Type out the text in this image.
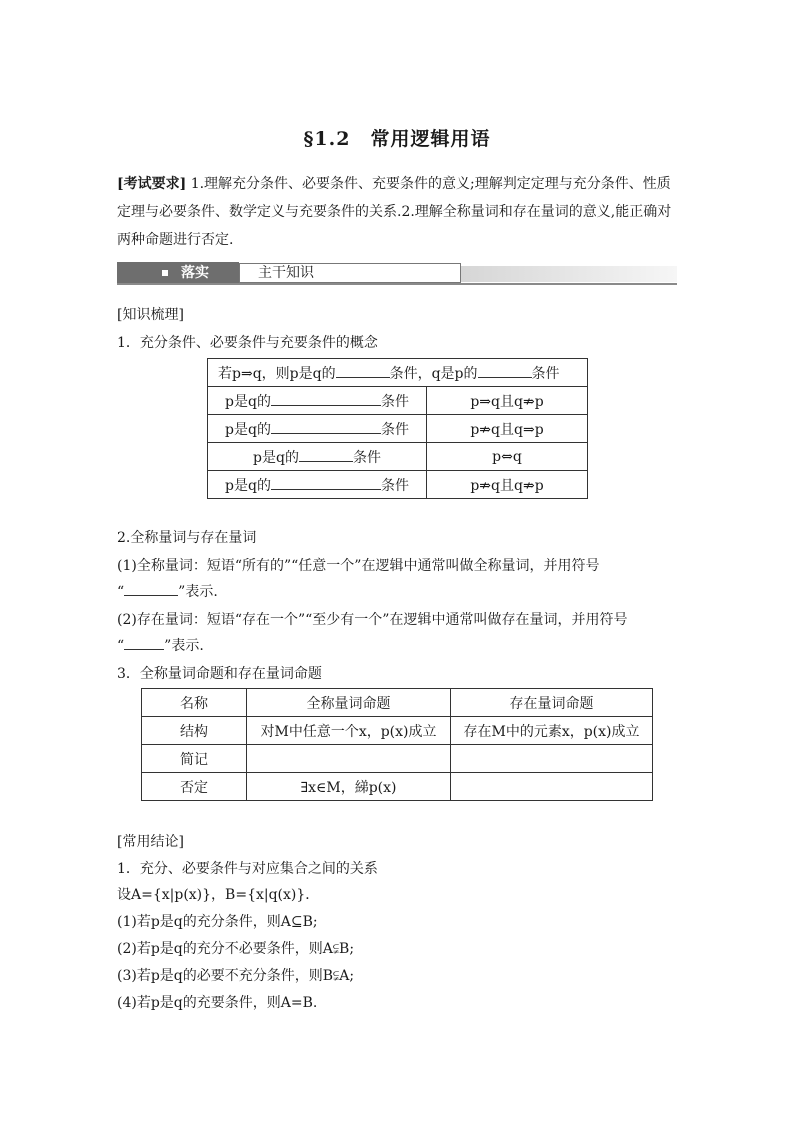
§1.2　常用逻辑用语
[考试要求] 1.理解充分条件、必要条件、充要条件的意义;理解判定定理与充分条件、性质定理与必要条件、数学定义与充要条件的关系.2.理解全称量词和存在量词的意义,能正确对两种命题进行否定.
落实	主干知识
[知识梳理]
1．充分条件、必要条件与充要条件的概念
若p⇒q，则p是q的 条件，q是p的 条件	
p是q的 条件	p⇒q且q⇏p
p是q的 条件	p⇏q且q⇒p
p是q的 条件	p⇔q
p是q的 条件	p⇏q且q⇏p
2.全称量词与存在量词
(1)全称量词：短语“所有的”“任意一个”在逻辑中通常叫做全称量词，并用符号
“	”表示.
(2)存在量词：短语“存在一个”“至少有一个”在逻辑中通常叫做存在量词，并用符号
“	”表示.
3．全称量词命题和存在量词命题
名称	全称量词命题	存在量词命题
结构	对M中任意一个x，p(x)成立	存在M中的元素x，p(x)成立
简记		
否定	∃x∈M，綈p(x)	
[常用结论]
1．充分、必要条件与对应集合之间的关系
设A={x|p(x)}，B={x|q(x)}．
(1)若p是q的充分条件，则A⊆B;
(2)若p是q的充分不必要条件，则A⫋B;
(3)若p是q的必要不充分条件，则B⫋A;
(4)若p是q的充要条件，则A=B.
